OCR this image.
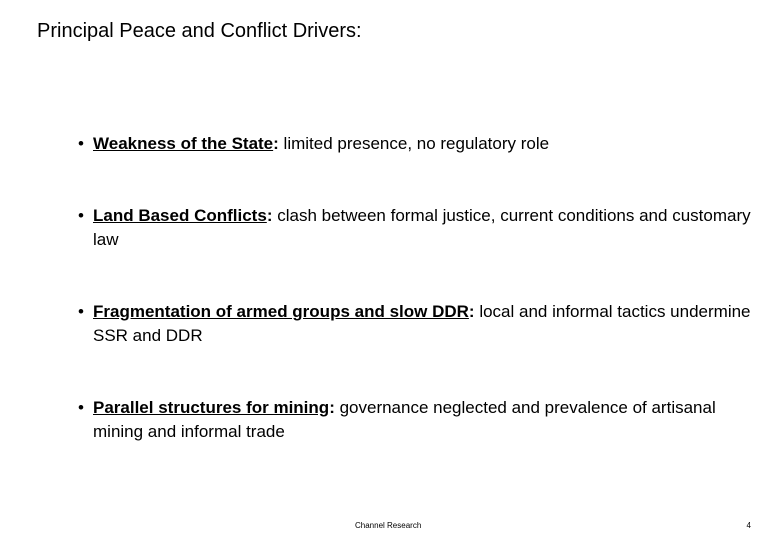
Principal Peace and Conflict Drivers:
• Weakness of the State: limited presence, no regulatory role
• Land Based Conflicts: clash between formal justice, current conditions and customary law
• Fragmentation of armed groups and slow DDR: local and informal tactics undermine SSR and DDR
• Parallel structures for mining: governance neglected and prevalence of artisanal mining and informal trade
Channel Research	4
